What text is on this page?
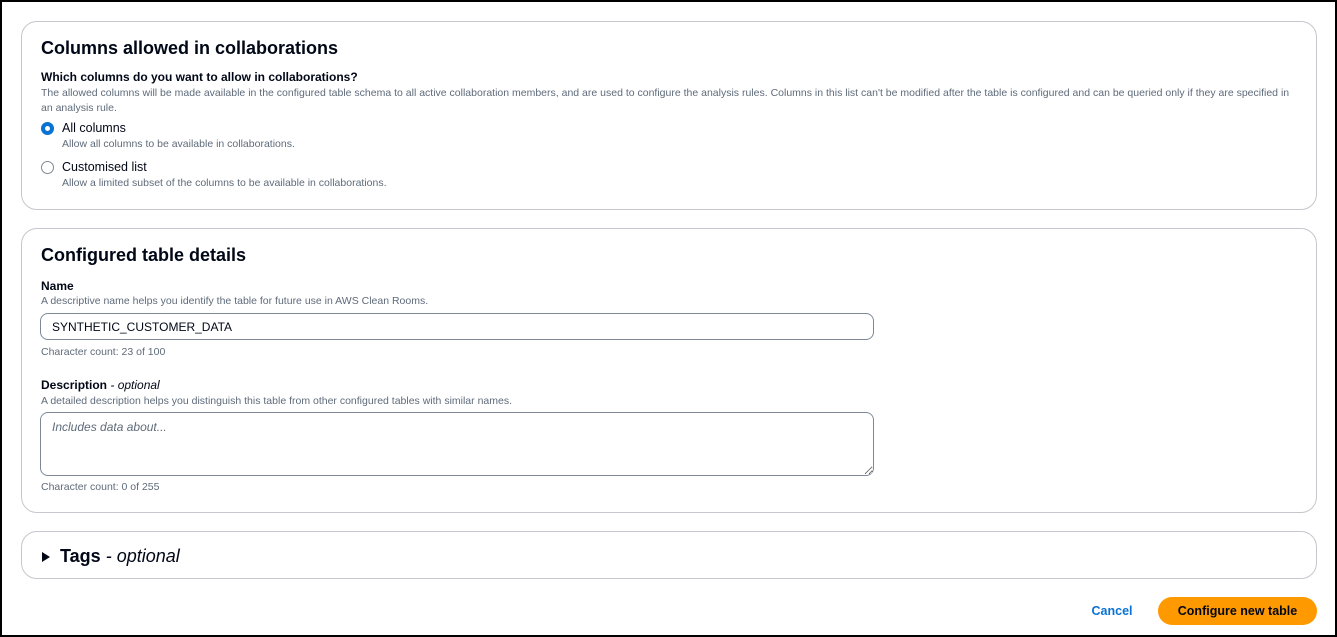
Columns allowed in collaborations
Which columns do you want to allow in collaborations?
The allowed columns will be made available in the configured table schema to all active collaboration members, and are used to configure the analysis rules. Columns in this list can't be modified after the table is configured and can be queried only if they are specified in an analysis rule.
All columns
Allow all columns to be available in collaborations.
Customised list
Allow a limited subset of the columns to be available in collaborations.
Configured table details
Name
A descriptive name helps you identify the table for future use in AWS Clean Rooms.
SYNTHETIC_CUSTOMER_DATA
Character count: 23 of 100
Description - optional
A detailed description helps you distinguish this table from other configured tables with similar names.
Includes data about...
Character count: 0 of 255
Tags - optional
Cancel	Configure new table
